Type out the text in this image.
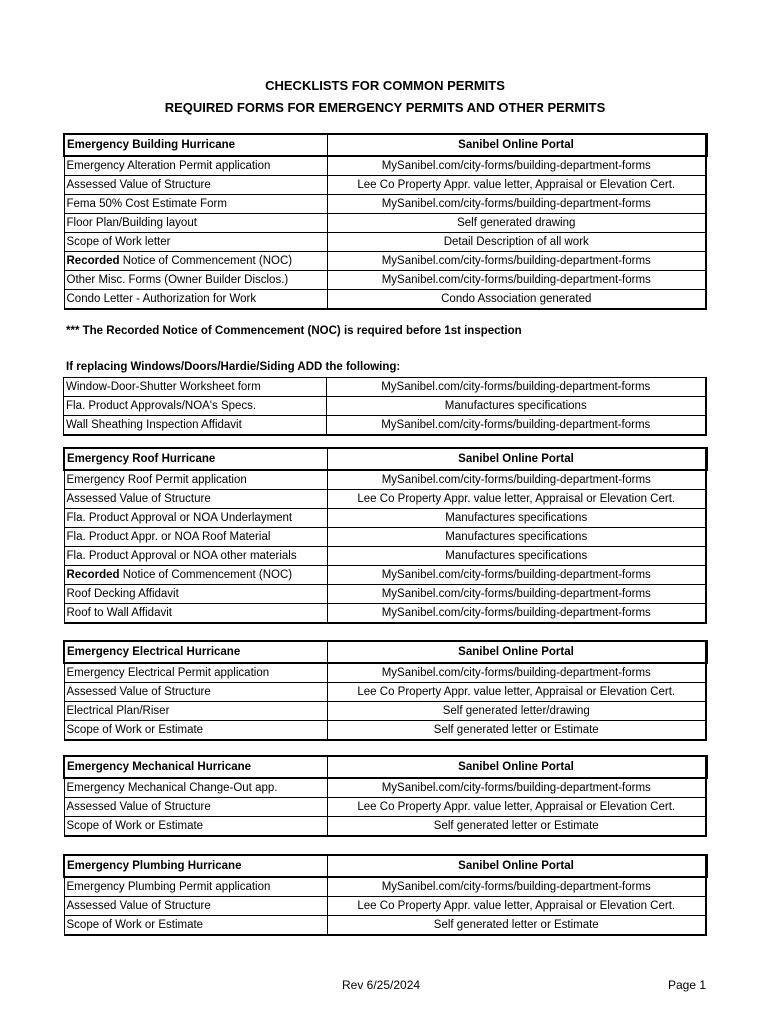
CHECKLISTS FOR COMMON PERMITS
REQUIRED FORMS FOR EMERGENCY PERMITS AND OTHER PERMITS
Emergency Building Hurricane	Sanibel Online Portal
Emergency Alteration Permit application	MySanibel.com/city-forms/building-department-forms
Assessed Value of Structure	Lee Co Property Appr. value letter, Appraisal or Elevation Cert.
Fema 50% Cost Estimate Form	MySanibel.com/city-forms/building-department-forms
Floor Plan/Building layout	Self generated drawing
Scope of Work letter	Detail Description of all work
Recorded Notice of Commencement (NOC)	MySanibel.com/city-forms/building-department-forms
Other Misc. Forms (Owner Builder Disclos.)	MySanibel.com/city-forms/building-department-forms
Condo Letter - Authorization for Work	Condo Association generated
*** The Recorded Notice of Commencement (NOC) is required before 1st inspection
If replacing Windows/Doors/Hardie/Siding ADD the following:
Window-Door-Shutter Worksheet form	MySanibel.com/city-forms/building-department-forms
Fla. Product Approvals/NOA's Specs.	Manufactures specifications
Wall Sheathing Inspection Affidavit	MySanibel.com/city-forms/building-department-forms
Emergency Roof Hurricane	Sanibel Online Portal
Emergency Roof Permit application	MySanibel.com/city-forms/building-department-forms
Assessed Value of Structure	Lee Co Property Appr. value letter, Appraisal or Elevation Cert.
Fla. Product Approval or NOA Underlayment	Manufactures specifications
Fla. Product Appr. or NOA Roof Material	Manufactures specifications
Fla. Product Approval or NOA other materials	Manufactures specifications
Recorded Notice of Commencement (NOC)	MySanibel.com/city-forms/building-department-forms
Roof Decking Affidavit	MySanibel.com/city-forms/building-department-forms
Roof to Wall Affidavit	MySanibel.com/city-forms/building-department-forms
Emergency Electrical Hurricane	Sanibel Online Portal
Emergency Electrical Permit application	MySanibel.com/city-forms/building-department-forms
Assessed Value of Structure	Lee Co Property Appr. value letter, Appraisal or Elevation Cert.
Electrical Plan/Riser	Self generated letter/drawing
Scope of Work or Estimate	Self generated letter or Estimate
Emergency Mechanical Hurricane	Sanibel Online Portal
Emergency Mechanical Change-Out app.	MySanibel.com/city-forms/building-department-forms
Assessed Value of Structure	Lee Co Property Appr. value letter, Appraisal or Elevation Cert.
Scope of Work or Estimate	Self generated letter or Estimate
Emergency Plumbing Hurricane	Sanibel Online Portal
Emergency Plumbing Permit application	MySanibel.com/city-forms/building-department-forms
Assessed Value of Structure	Lee Co Property Appr. value letter, Appraisal or Elevation Cert.
Scope of Work or Estimate	Self generated letter or Estimate
Rev 6/25/2024	Page 1
